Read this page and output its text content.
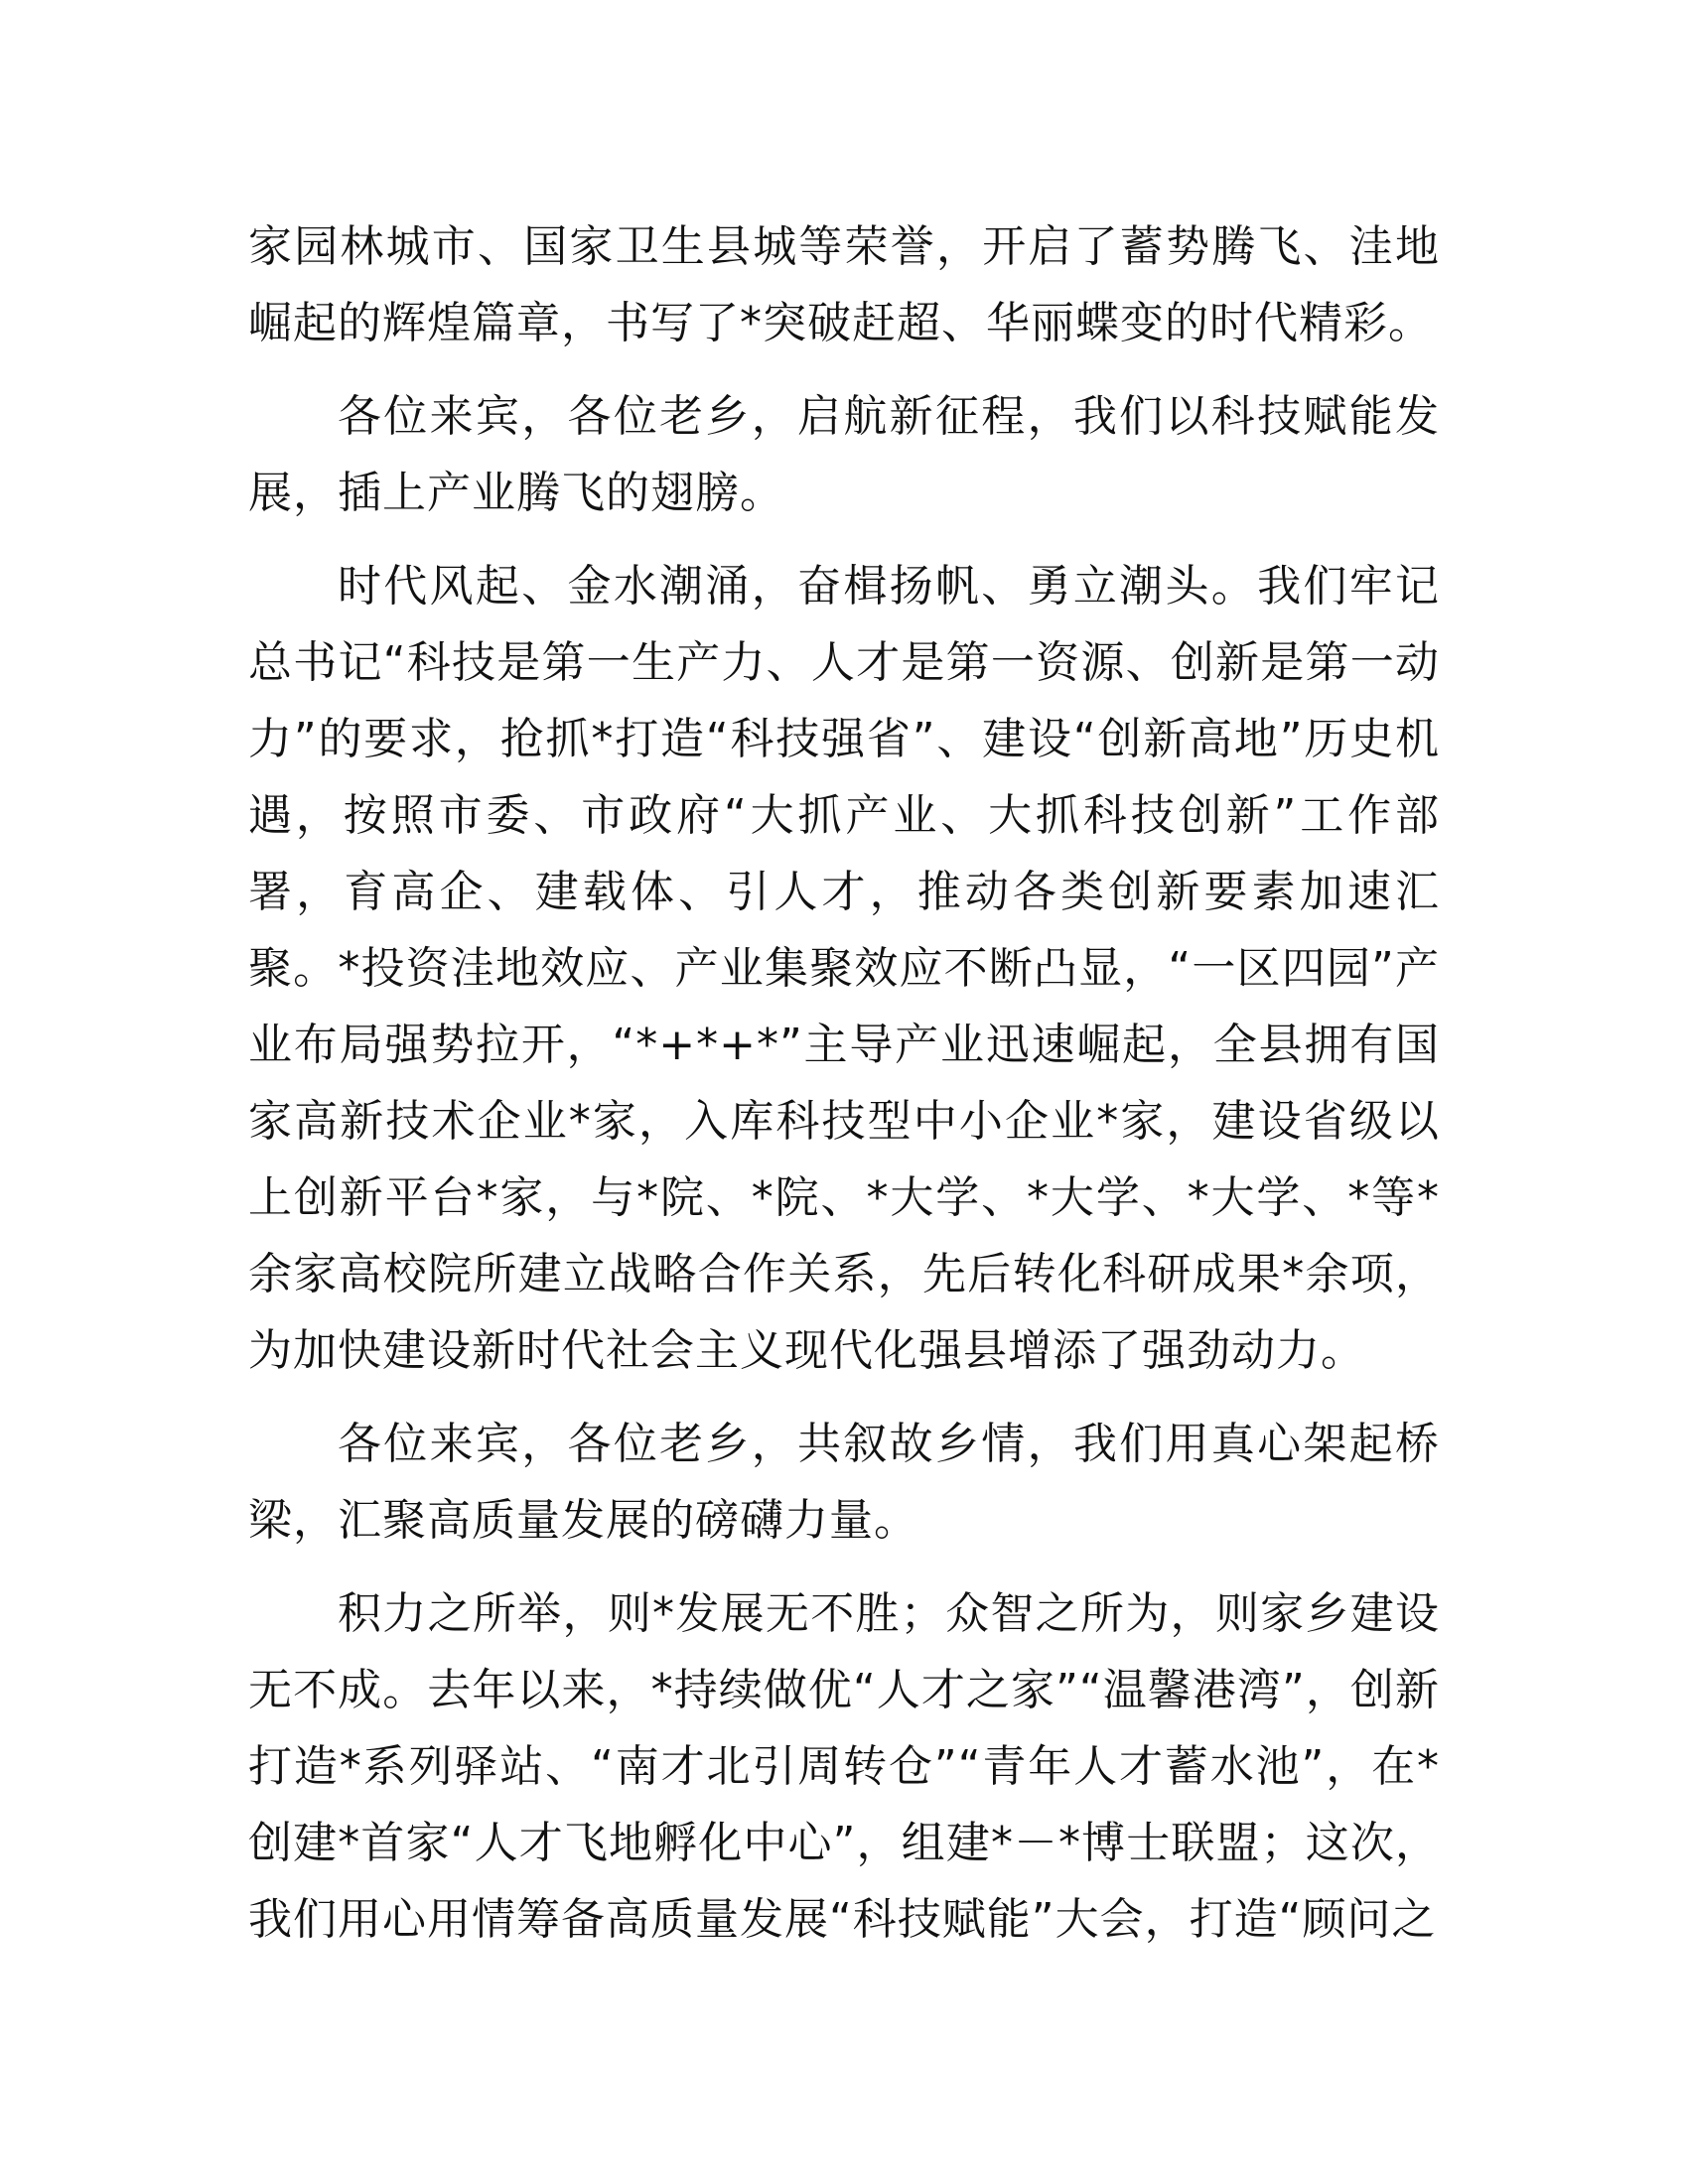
家园林城市、国家卫生县城等荣誉，开启了蓄势腾飞、洼地崛起的辉煌篇章，书写了*突破赶超、华丽蝶变的时代精彩。

各位来宾，各位老乡，启航新征程，我们以科技赋能发展，插上产业腾飞的翅膀。

时代风起、金水潮涌，奋楫扬帆、勇立潮头。我们牢记总书记“科技是第一生产力、人才是第一资源、创新是第一动力”的要求，抢抓*打造“科技强省”、建设“创新高地”历史机遇，按照市委、市政府“大抓产业、大抓科技创新”工作部署，育高企、建载体、引人才，推动各类创新要素加速汇聚。*投资洼地效应、产业集聚效应不断凸显，“一区四园”产业布局强势拉开，“*+*+*”主导产业迅速崛起，全县拥有国家高新技术企业*家，入库科技型中小企业*家，建设省级以上创新平台*家，与*院、*院、*大学、*大学、*大学、*等*余家高校院所建立战略合作关系，先后转化科研成果*余项，为加快建设新时代社会主义现代化强县增添了强劲动力。

各位来宾，各位老乡，共叙故乡情，我们用真心架起桥梁，汇聚高质量发展的磅礴力量。

积力之所举，则*发展无不胜；众智之所为，则家乡建设无不成。去年以来，*持续做优“人才之家”“温馨港湾”，创新打造*系列驿站、“南才北引周转仓”“青年人才蓄水池”，在*创建*首家“人才飞地孵化中心”，组建*－*博士联盟；这次，我们用心用情筹备高质量发展“科技赋能”大会，打造“顾问之
